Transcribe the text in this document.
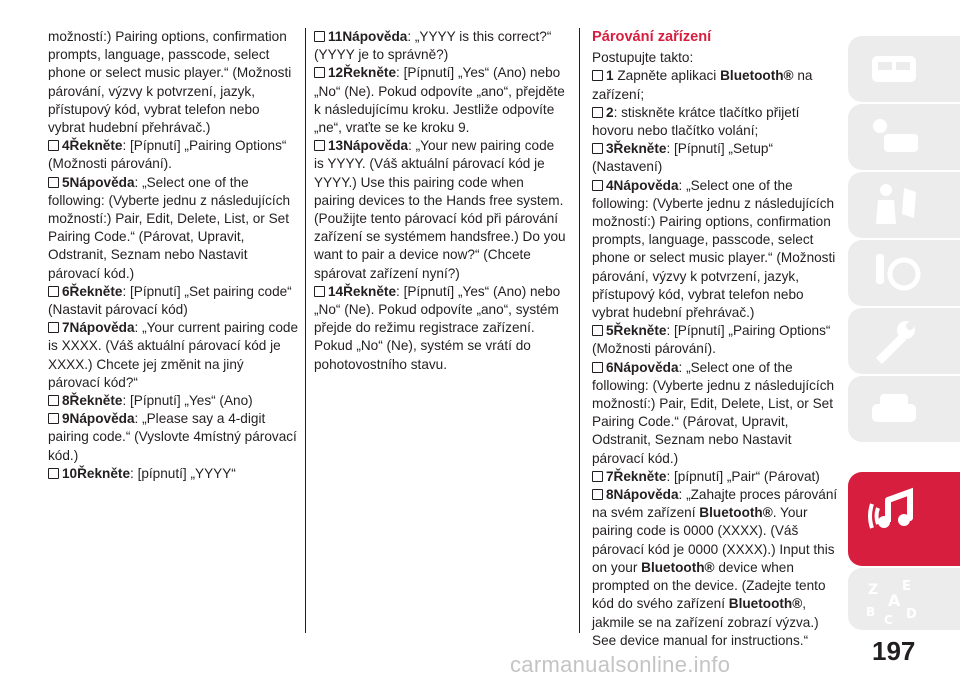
možností:) Pairing options, confirmation prompts, language, passcode, select phone or select music player.“ (Možnosti párování, výzvy k potvrzení, jazyk, přístupový kód, vybrat telefon nebo vybrat hudební přehrávač.)

4Řekněte: [Pípnutí] „Pairing Options“ (Možnosti párování).

5Nápověda: „Select one of the following: (Vyberte jednu z následujících možností:) Pair, Edit, Delete, List, or Set Pairing Code.“ (Párovat, Upravit, Odstranit, Seznam nebo Nastavit párovací kód.)

6Řekněte: [Pípnutí] „Set pairing code“ (Nastavit párovací kód)

7Nápověda: „Your current pairing code is XXXX. (Váš aktuální párovací kód je XXXX.) Chcete jej změnit na jiný párovací kód?“

8Řekněte: [Pípnutí] „Yes“ (Ano)

9Nápověda: „Please say a 4-digit pairing code.“ (Vyslovte 4místný párovací kód.)

10Řekněte: [pípnutí] „YYYY“

11Nápověda: „YYYY is this correct?“ (YYYY je to správně?)

12Řekněte: [Pípnutí] „Yes“ (Ano) nebo „No“ (Ne). Pokud odpovíte „ano“, přejděte k následujícímu kroku. Jestliže odpovíte „ne“, vraťte se ke kroku 9.

13Nápověda: „Your new pairing code is YYYY. (Váš aktuální párovací kód je YYYY.) Use this pairing code when pairing devices to the Hands free system. (Použijte tento párovací kód při párování zařízení se systémem handsfree.) Do you want to pair a device now?“ (Chcete spárovat zařízení nyní?)

14Řekněte: [Pípnutí] „Yes“ (Ano) nebo „No“ (Ne). Pokud odpovíte „ano“, systém přejde do režimu registrace zařízení. Pokud „No“ (Ne), systém se vrátí do pohotovostního stavu.

Párování zařízení

Postupujte takto:

1 Zapněte aplikaci Bluetooth® na zařízení;

2: stiskněte krátce tlačítko přijetí hovoru nebo tlačítko volání;

3Řekněte: [Pípnutí] „Setup“ (Nastavení)

4Nápověda: „Select one of the following: (Vyberte jednu z následujících možností:) Pairing options, confirmation prompts, language, passcode, select phone or select music player.“ (Možnosti párování, výzvy k potvrzení, jazyk, přístupový kód, vybrat telefon nebo vybrat hudební přehrávač.)

5Řekněte: [Pípnutí] „Pairing Options“ (Možnosti párování).

6Nápověda: „Select one of the following: (Vyberte jednu z následujících možností:) Pair, Edit, Delete, List, or Set Pairing Code.“ (Párovat, Upravit, Odstranit, Seznam nebo Nastavit párovací kód.)

7Řekněte: [pípnutí] „Pair“ (Párovat)

8Nápověda: „Zahajte proces párování na svém zařízení Bluetooth®. Your pairing code is 0000 (XXXX). (Váš párovací kód je 0000 (XXXX).) Input this on your Bluetooth® device when prompted on the device. (Zadejte tento kód do svého zařízení Bluetooth®, jakmile se na zařízení zobrazí výzva.) See device manual for instructions.“

Z E
A
B D
C
197
carmanualsonline.info
